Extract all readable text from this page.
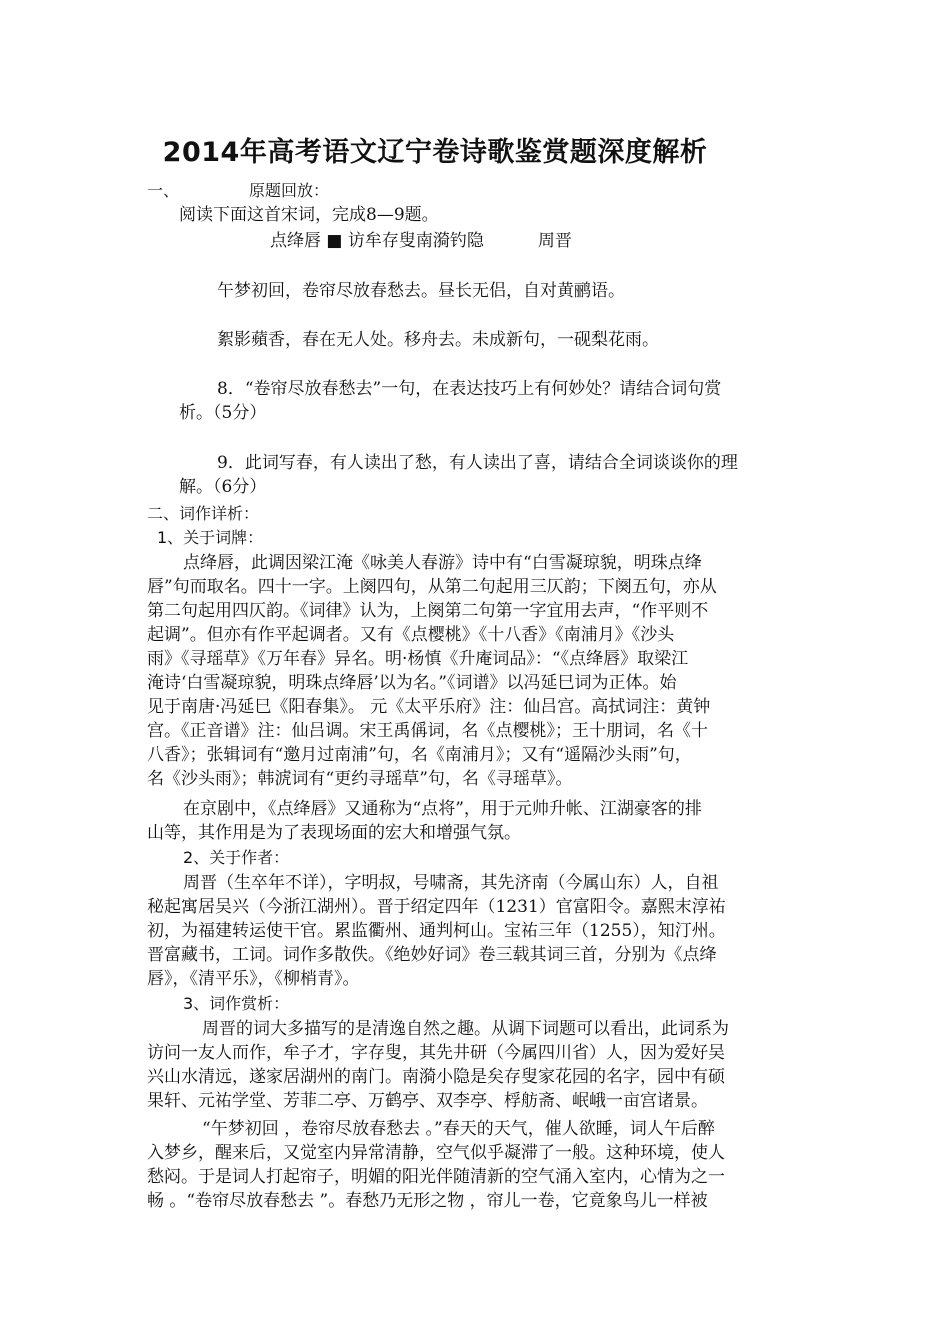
2014年高考语文辽宁卷诗歌鉴赏题深度解析
一、	原题回放：
阅读下面这首宋词，完成8—9题。
点绛唇 ■ 访牟存叟南漪钓隐	周晋
午梦初回，卷帘尽放春愁去。昼长无侣，自对黄鹂语。
絮影蘋香，春在无人处。移舟去。未成新句，一砚梨花雨。
8．“卷帘尽放春愁去”一句，在表达技巧上有何妙处？请结合词句赏
析。（5分）
9．此词写春，有人读出了愁，有人读出了喜，请结合全词谈谈你的理
解。（6分）
二、词作详析：
1、关于词牌：
点绛唇，此调因梁江淹《咏美人春游》诗中有“白雪凝琼貌，明珠点绛
唇”句而取名。四十一字。上阕四句，从第二句起用三仄韵；下阕五句，亦从
第二句起用四仄韵。《词律》认为，上阕第二句第一字宜用去声，“作平则不
起调”。但亦有作平起调者。又有《点樱桃》《十八香》《南浦月》《沙头
雨》《寻瑶草》《万年春》异名。明·杨慎《升庵词品》：“《点绛唇》取梁江
淹诗‘白雪凝琼貌，明珠点绛唇’以为名。”《词谱》以冯延巳词为正体。始
见于南唐·冯延巳《阳春集》。 元《太平乐府》注：仙吕宫。高拭词注：黄钟
宫。《正音谱》注：仙吕调。宋王禹偁词，名《点樱桃》；王十朋词，名《十
八香》；张辑词有“邀月过南浦”句，名《南浦月》；又有“遥隔沙头雨”句，
名《沙头雨》；韩淲词有“更约寻瑶草”句，名《寻瑶草》。
在京剧中，《点绛唇》又通称为“点将”，用于元帅升帐、江湖豪客的排
山等，其作用是为了表现场面的宏大和增强气氛。
2、关于作者：
周晋（生卒年不详），字明叔，号啸斋，其先济南（今属山东）人，自祖
秘起寓居吴兴（今浙江湖州）。晋于绍定四年（1231）官富阳令。嘉熙末淳祐
初，为福建转运使干官。累监衢州、通判柯山。宝祐三年（1255），知汀州。
晋富藏书，工词。词作多散佚。《绝妙好词》卷三载其词三首，分别为《点绛
唇》，《清平乐》，《柳梢青》。
3、词作赏析：
周晋的词大多描写的是清逸自然之趣。从调下词题可以看出，此词系为
访问一友人而作，牟子才，字存叟，其先井研（今属四川省）人，因为爱好吴
兴山水清远，遂家居湖州的南门。南漪小隐是矣存叟家花园的名字，园中有硕
果轩、元祐学堂、芳菲二亭、万鹤亭、双李亭、桴舫斋、岷峨一亩宫诸景。
“午梦初回 ，卷帘尽放春愁去 。”春天的天气，催人欲睡，词人午后醉
入梦乡，醒来后，又觉室内异常清静，空气似乎凝滞了一般。这种环境，使人
愁闷。于是词人打起帘子，明媚的阳光伴随清新的空气涌入室内，心情为之一
畅 。“卷帘尽放春愁去 ”。春愁乃无形之物 ，帘儿一卷，它竟象鸟儿一样被
